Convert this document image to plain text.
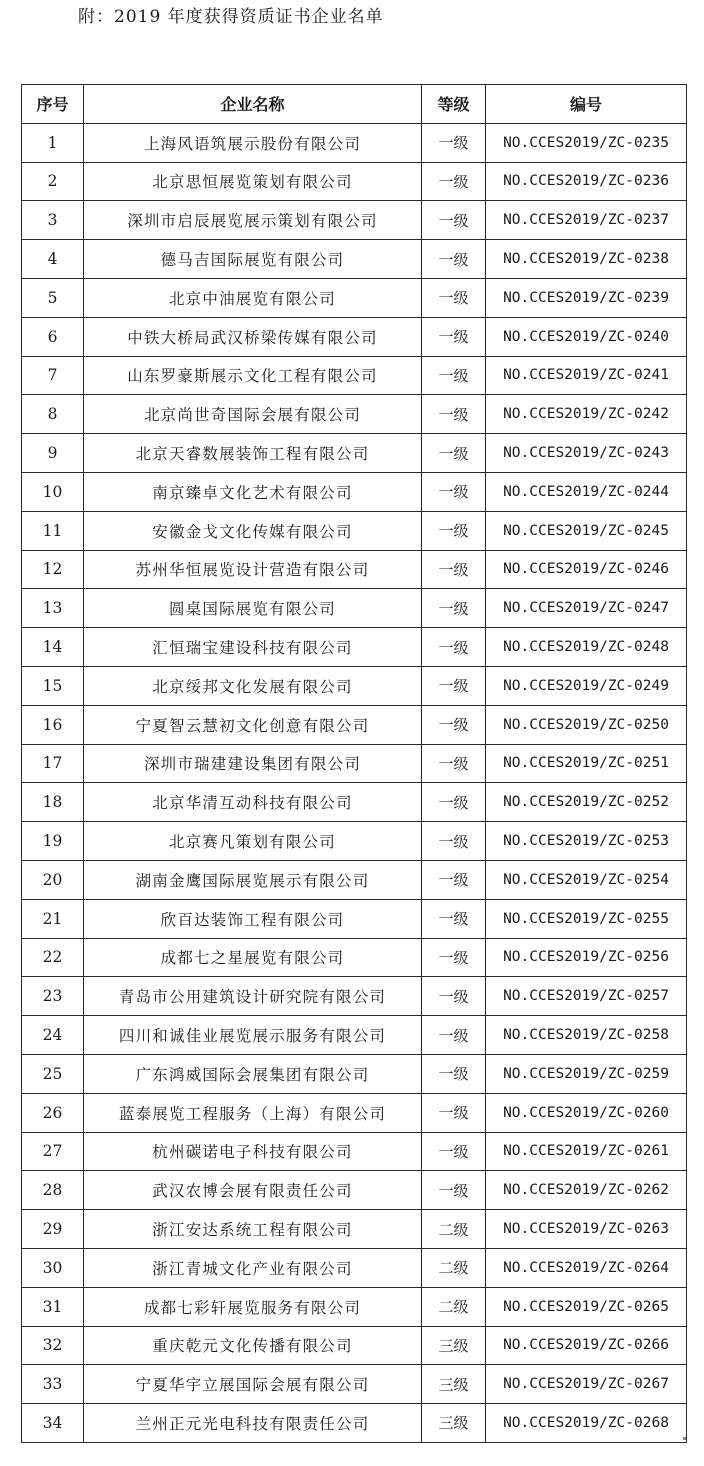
附：2019 年度获得资质证书企业名单
序号	企业名称	等级	编号
1	上海风语筑展示股份有限公司	一级	NO.CCES2019/ZC-0235
2	北京思恒展览策划有限公司	一级	NO.CCES2019/ZC-0236
3	深圳市启辰展览展示策划有限公司	一级	NO.CCES2019/ZC-0237
4	德马吉国际展览有限公司	一级	NO.CCES2019/ZC-0238
5	北京中油展览有限公司	一级	NO.CCES2019/ZC-0239
6	中铁大桥局武汉桥梁传媒有限公司	一级	NO.CCES2019/ZC-0240
7	山东罗豪斯展示文化工程有限公司	一级	NO.CCES2019/ZC-0241
8	北京尚世奇国际会展有限公司	一级	NO.CCES2019/ZC-0242
9	北京天睿数展装饰工程有限公司	一级	NO.CCES2019/ZC-0243
10	南京臻卓文化艺术有限公司	一级	NO.CCES2019/ZC-0244
11	安徽金戈文化传媒有限公司	一级	NO.CCES2019/ZC-0245
12	苏州华恒展览设计营造有限公司	一级	NO.CCES2019/ZC-0246
13	圆桌国际展览有限公司	一级	NO.CCES2019/ZC-0247
14	汇恒瑞宝建设科技有限公司	一级	NO.CCES2019/ZC-0248
15	北京绥邦文化发展有限公司	一级	NO.CCES2019/ZC-0249
16	宁夏智云慧初文化创意有限公司	一级	NO.CCES2019/ZC-0250
17	深圳市瑞建建设集团有限公司	一级	NO.CCES2019/ZC-0251
18	北京华清互动科技有限公司	一级	NO.CCES2019/ZC-0252
19	北京赛凡策划有限公司	一级	NO.CCES2019/ZC-0253
20	湖南金鹰国际展览展示有限公司	一级	NO.CCES2019/ZC-0254
21	欣百达装饰工程有限公司	一级	NO.CCES2019/ZC-0255
22	成都七之星展览有限公司	一级	NO.CCES2019/ZC-0256
23	青岛市公用建筑设计研究院有限公司	一级	NO.CCES2019/ZC-0257
24	四川和诚佳业展览展示服务有限公司	一级	NO.CCES2019/ZC-0258
25	广东鸿威国际会展集团有限公司	一级	NO.CCES2019/ZC-0259
26	蓝泰展览工程服务（上海）有限公司	一级	NO.CCES2019/ZC-0260
27	杭州碳诺电子科技有限公司	一级	NO.CCES2019/ZC-0261
28	武汉农博会展有限责任公司	一级	NO.CCES2019/ZC-0262
29	浙江安达系统工程有限公司	二级	NO.CCES2019/ZC-0263
30	浙江青城文化产业有限公司	二级	NO.CCES2019/ZC-0264
31	成都七彩轩展览服务有限公司	二级	NO.CCES2019/ZC-0265
32	重庆乾元文化传播有限公司	三级	NO.CCES2019/ZC-0266
33	宁夏华宇立展国际会展有限公司	三级	NO.CCES2019/ZC-0267
34	兰州正元光电科技有限责任公司	三级	NO.CCES2019/ZC-0268
